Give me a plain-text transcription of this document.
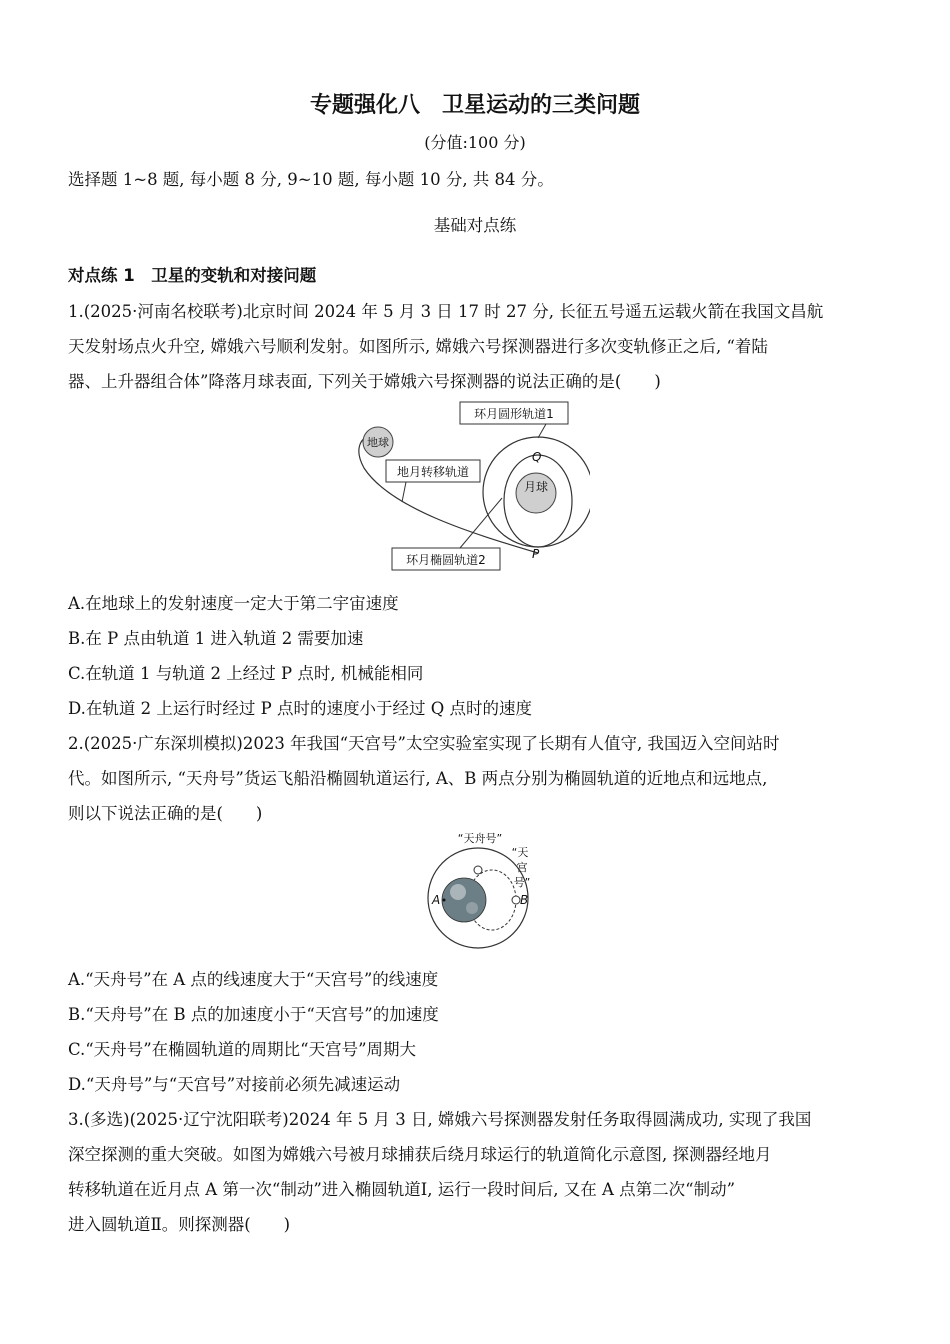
专题强化八　卫星运动的三类问题
(分值:100 分)
选择题 1~8 题, 每小题 8 分, 9~10 题, 每小题 10 分, 共 84 分。
基础对点练
对点练 1　卫星的变轨和对接问题
1.(2025·河南名校联考)北京时间 2024 年 5 月 3 日 17 时 27 分, 长征五号遥五运载火箭在我国文昌航
天发射场点火升空, 嫦娥六号顺利发射。如图所示, 嫦娥六号探测器进行多次变轨修正之后, “着陆
器、上升器组合体”降落月球表面, 下列关于嫦娥六号探测器的说法正确的是(　　)
月球
地球
环月圆形轨道1
地月转移轨道
环月椭圆轨道2
Q
P
A.在地球上的发射速度一定大于第二宇宙速度
B.在 P 点由轨道 1 进入轨道 2 需要加速
C.在轨道 1 与轨道 2 上经过 P 点时, 机械能相同
D.在轨道 2 上运行时经过 P 点时的速度小于经过 Q 点时的速度
2.(2025·广东深圳模拟)2023 年我国“天宫号”太空实验室实现了长期有人值守, 我国迈入空间站时
代。如图所示, “天舟号”货运飞船沿椭圆轨道运行, A、B 两点分别为椭圆轨道的近地点和远地点,
则以下说法正确的是(　　)
“天舟号”
“天
宫
号”
A	B
A.“天舟号”在 A 点的线速度大于“天宫号”的线速度
B.“天舟号”在 B 点的加速度小于“天宫号”的加速度
C.“天舟号”在椭圆轨道的周期比“天宫号”周期大
D.“天舟号”与“天宫号”对接前必须先减速运动
3.(多选)(2025·辽宁沈阳联考)2024 年 5 月 3 日, 嫦娥六号探测器发射任务取得圆满成功, 实现了我国
深空探测的重大突破。如图为嫦娥六号被月球捕获后绕月球运行的轨道简化示意图, 探测器经地月
转移轨道在近月点 A 第一次“制动”进入椭圆轨道Ⅰ, 运行一段时间后, 又在 A 点第二次“制动”
进入圆轨道Ⅱ。则探测器(　　)
